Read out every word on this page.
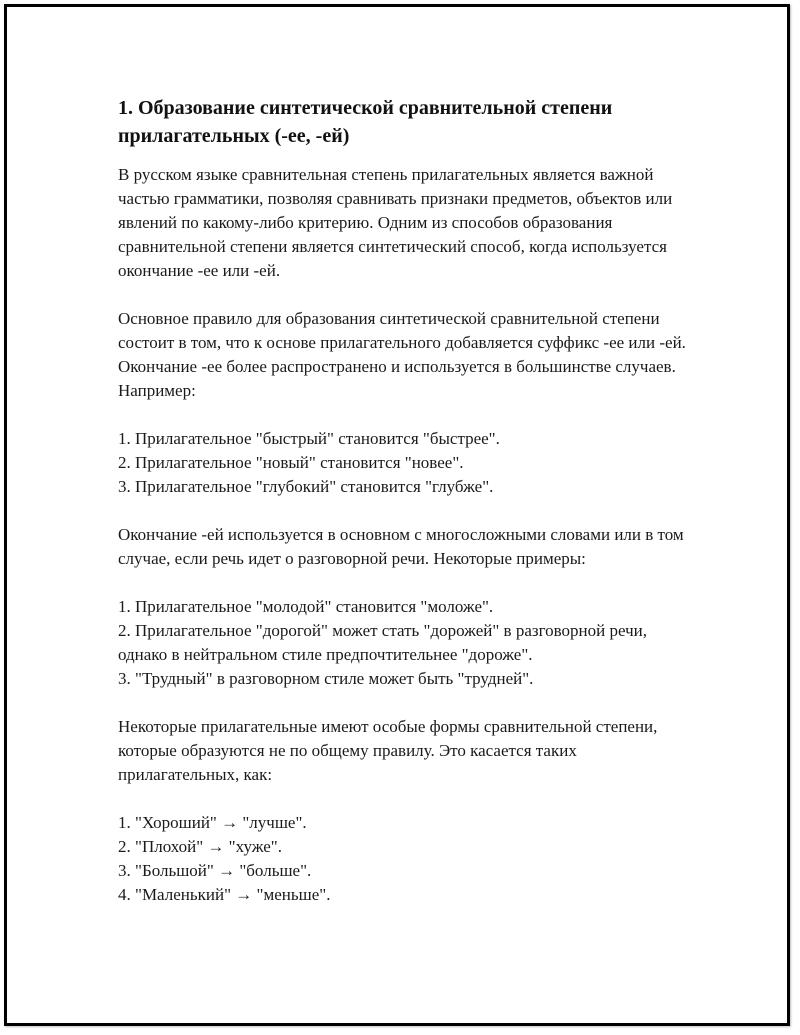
1. Образование синтетической сравнительной степени прилагательных (-ее, -ей)

В русском языке сравнительная степень прилагательных является важной частью грамматики, позволяя сравнивать признаки предметов, объектов или явлений по какому-либо критерию. Одним из способов образования сравнительной степени является синтетический способ, когда используется окончание -ее или -ей.

Основное правило для образования синтетической сравнительной степени состоит в том, что к основе прилагательного добавляется суффикс -ее или -ей. Окончание -ее более распространено и используется в большинстве случаев. Например:

1. Прилагательное "быстрый" становится "быстрее".
2. Прилагательное "новый" становится "новее".
3. Прилагательное "глубокий" становится "глубже".

Окончание -ей используется в основном с многосложными словами или в том случае, если речь идет о разговорной речи. Некоторые примеры:

1. Прилагательное "молодой" становится "моложе".

2. Прилагательное "дорогой" может стать "дорожей" в разговорной речи, однако в нейтральном стиле предпочтительнее "дороже".

3. "Трудный" в разговорном стиле может быть "трудней".

Некоторые прилагательные имеют особые формы сравнительной степени, которые образуются не по общему правилу. Это касается таких прилагательных, как:

1. "Хороший" → "лучше".
2. "Плохой" → "хуже".
3. "Большой" → "больше".
4. "Маленький" → "меньше".
